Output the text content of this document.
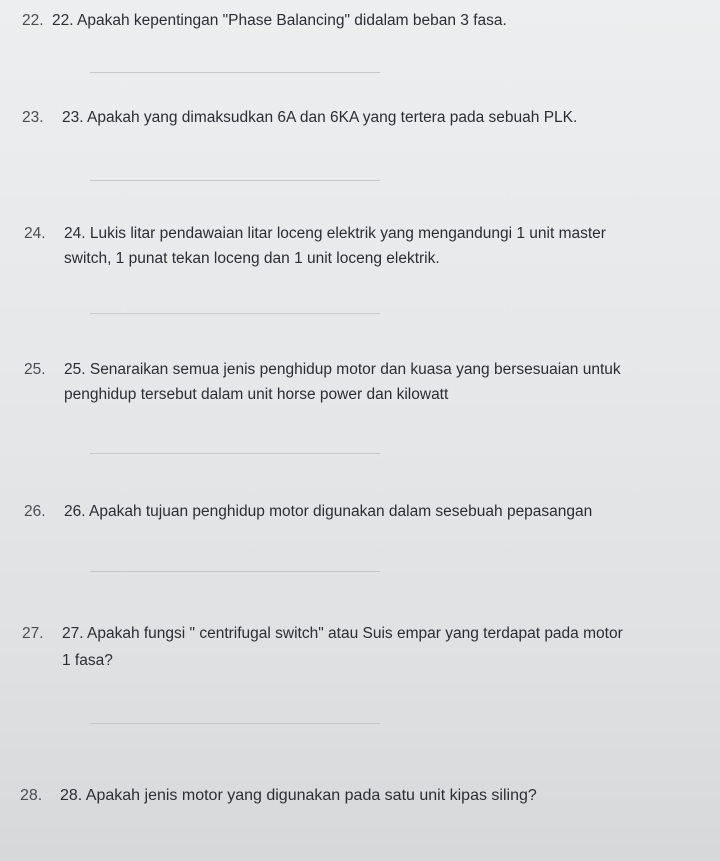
22. 22. Apakah kepentingan "Phase Balancing" didalam beban 3 fasa.
23. 23. Apakah yang dimaksudkan 6A dan 6KA yang tertera pada sebuah PLK.
24. 24. Lukis litar pendawaian litar loceng elektrik yang mengandungi 1 unit master
switch, 1 punat tekan loceng dan 1 unit loceng elektrik.
25. 25. Senaraikan semua jenis penghidup motor dan kuasa yang bersesuaian untuk
penghidup tersebut dalam unit horse power dan kilowatt
26. 26. Apakah tujuan penghidup motor digunakan dalam sesebuah pepasangan
27. 27. Apakah fungsi " centrifugal switch" atau Suis empar yang terdapat pada motor
1 fasa?
28. 28. Apakah jenis motor yang digunakan pada satu unit kipas siling?
